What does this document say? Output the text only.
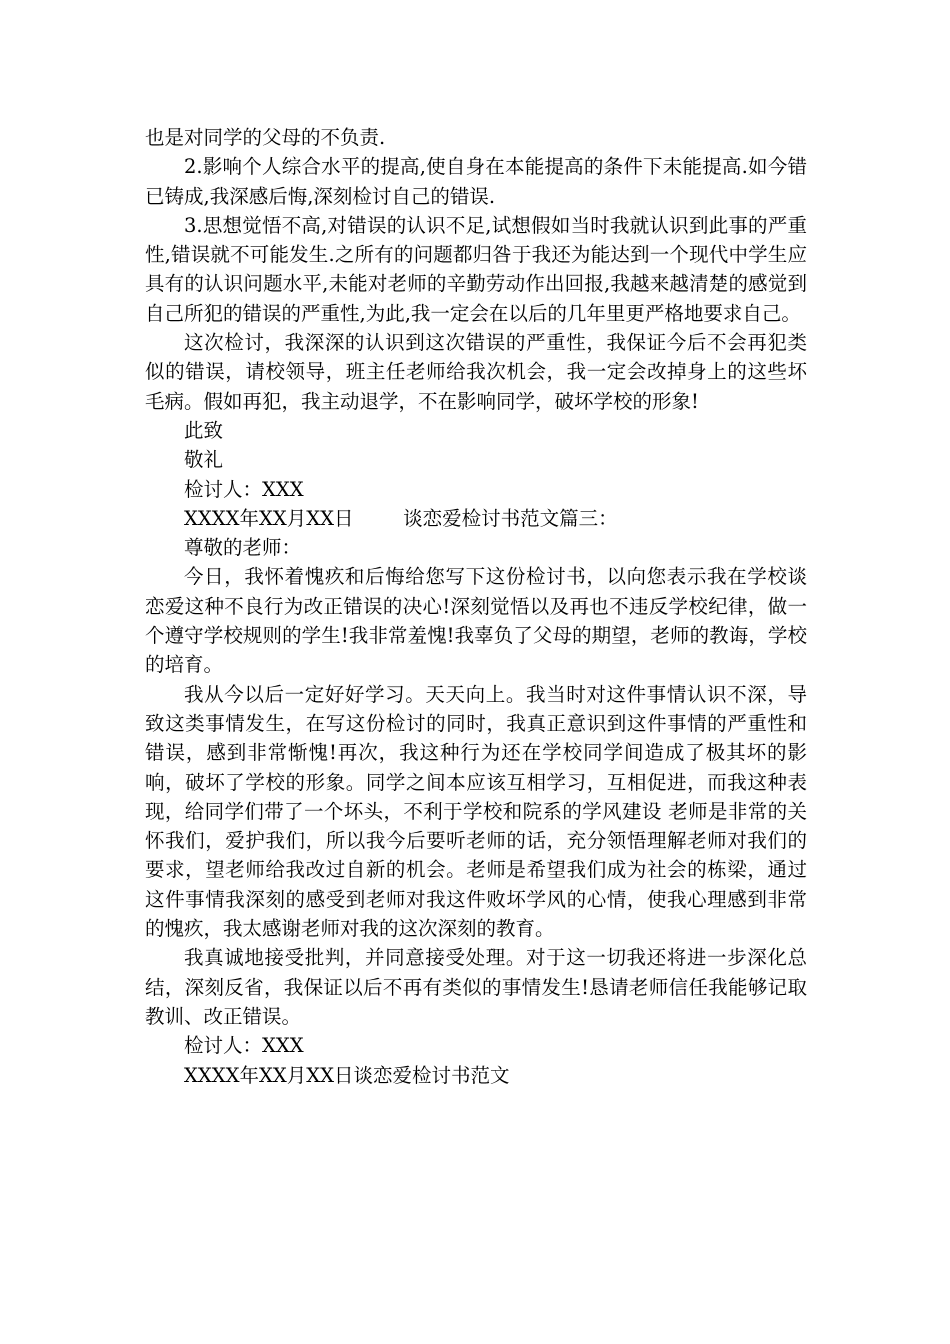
也是对同学的父母的不负责.

2.影响个人综合水平的提高,使自身在本能提高的条件下未能提高.如今错已铸成,我深感后悔,深刻检讨自己的错误.

3.思想觉悟不高,对错误的认识不足,试想假如当时我就认识到此事的严重性,错误就不可能发生.之所有的问题都归咎于我还为能达到一个现代中学生应具有的认识问题水平,未能对老师的辛勤劳动作出回报,我越来越清楚的感觉到自己所犯的错误的严重性,为此,我一定会在以后的几年里更严格地要求自己。

这次检讨，我深深的认识到这次错误的严重性，我保证今后不会再犯类似的错误，请校领导，班主任老师给我次机会，我一定会改掉身上的这些坏毛病。假如再犯，我主动退学，不在影响同学，破坏学校的形象!

此致

敬礼

检讨人：XXX

XXXX年XX月XX日        谈恋爱检讨书范文篇三：

尊敬的老师：

今日，我怀着愧疚和后悔给您写下这份检讨书，以向您表示我在学校谈恋爱这种不良行为改正错误的决心!深刻觉悟以及再也不违反学校纪律，做一个遵守学校规则的学生!我非常羞愧!我辜负了父母的期望，老师的教诲，学校的培育。

我从今以后一定好好学习。天天向上。我当时对这件事情认识不深，导致这类事情发生，在写这份检讨的同时，我真正意识到这件事情的严重性和错误，感到非常惭愧!再次，我这种行为还在学校同学间造成了极其坏的影响，破坏了学校的形象。同学之间本应该互相学习，互相促进，而我这种表现，给同学们带了一个坏头，不利于学校和院系的学风建设 老师是非常的关怀我们，爱护我们，所以我今后要听老师的话，充分领悟理解老师对我们的要求，望老师给我改过自新的机会。老师是希望我们成为社会的栋梁，通过这件事情我深刻的感受到老师对我这件败坏学风的心情，使我心理感到非常的愧疚，我太感谢老师对我的这次深刻的教育。

我真诚地接受批判，并同意接受处理。对于这一切我还将进一步深化总结，深刻反省，我保证以后不再有类似的事情发生!恳请老师信任我能够记取教训、改正错误。

检讨人：XXX

XXXX年XX月XX日谈恋爱检讨书范文
